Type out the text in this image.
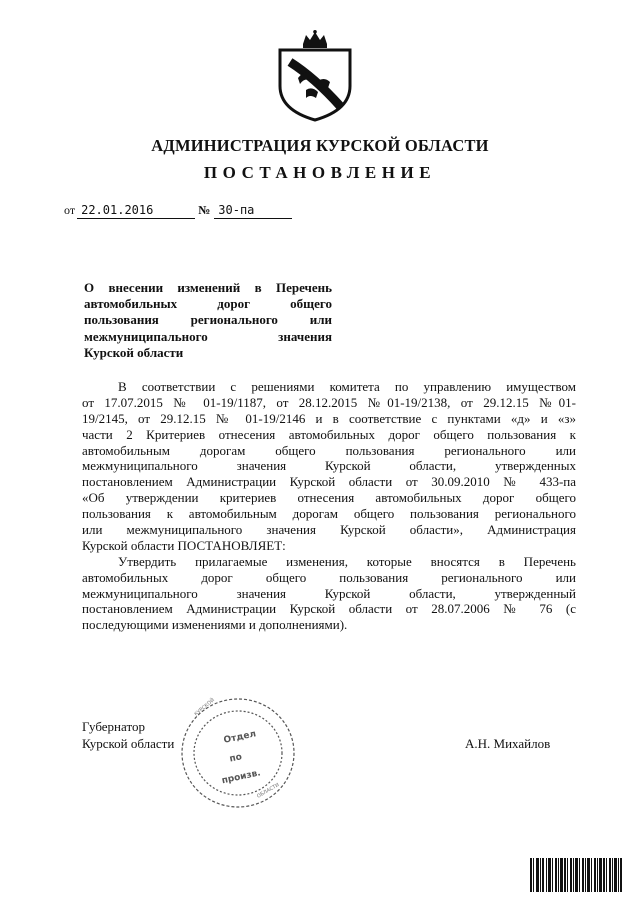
АДМИНИСТРАЦИЯ КУРСКОЙ ОБЛАСТИ
ПОСТАНОВЛЕНИЕ
от 22.01.2016	№ 30-па
О внесении изменений в Перечень
автомобильных дорог общего
пользования регионального или
межмуниципального значения
Курской области
В соответствии с решениями комитета по управлению имуществом
от 17.07.2015 № 01-19/1187, от 28.12.2015 №01-19/2138, от 29.12.15 №01-
19/2145, от 29.12.15 № 01-19/2146 и в соответствие с пунктами «д» и «з»
части 2 Критериев отнесения автомобильных дорог общего пользования к
автомобильным дорогам общего пользования регионального или
межмуниципального значения Курской области, утвержденных
постановлением Администрации Курской области от 30.09.2010 № 433-па
«Об утверждении критериев отнесения автомобильных дорог общего
пользования к автомобильным дорогам общего пользования регионального
или межмуниципального значения Курской области», Администрация
Курской области ПОСТАНОВЛЯЕТ:
Утвердить прилагаемые изменения, которые вносятся в Перечень
автомобильных дорог общего пользования регионального или
межмуниципального значения Курской области, утвержденный
постановлением Администрации Курской области от 28.07.2006 № 76 (с
последующими изменениями и дополнениями).
Губернатор
Курской области	Отдел
по
произв.
КУРСКОЙ
ОБЛАСТИ
А.Н. Михайлов
